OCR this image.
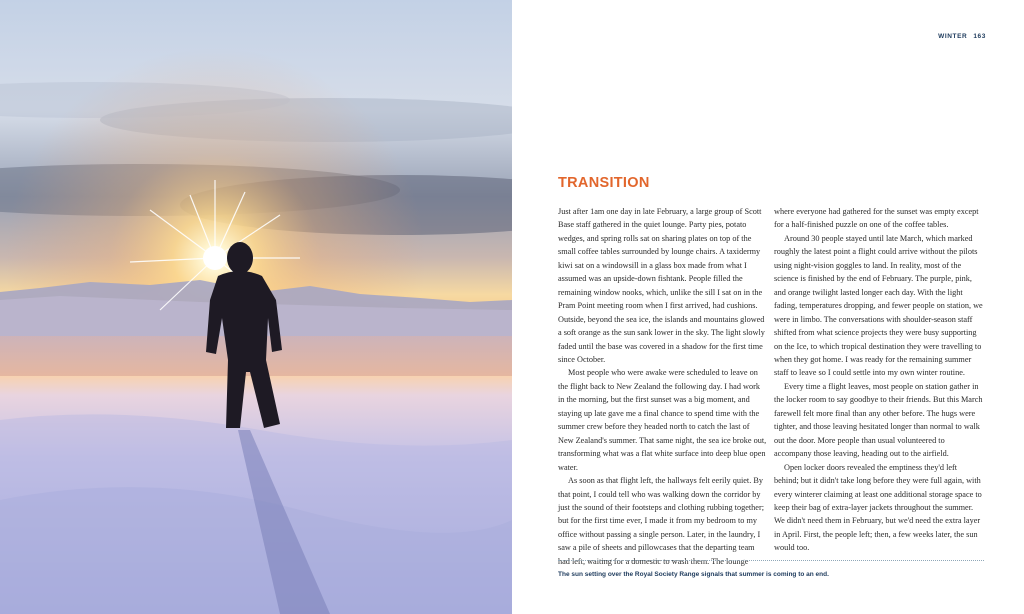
WINTER 163
TRANSITION

Just after 1am one day in late February, a large group of Scott Base staff gathered in the quiet lounge. Party pies, potato wedges, and spring rolls sat on sharing plates on top of the small coffee tables surrounded by lounge chairs. A taxidermy kiwi sat on a windowsill in a glass box made from what I assumed was an upside-down fishtank. People filled the remaining window nooks, which, unlike the sill I sat on in the Pram Point meeting room when I first arrived, had cushions. Outside, beyond the sea ice, the islands and mountains glowed a soft orange as the sun sank lower in the sky. The light slowly faded until the base was covered in a shadow for the first time since October.

Most people who were awake were scheduled to leave on the flight back to New Zealand the following day. I had work in the morning, but the first sunset was a big moment, and staying up late gave me a final chance to spend time with the summer crew before they headed north to catch the last of New Zealand's summer. That same night, the sea ice broke out, transforming what was a flat white surface into deep blue open water.

As soon as that flight left, the hallways felt eerily quiet. By that point, I could tell who was walking down the corridor by just the sound of their footsteps and clothing rubbing together; but for the first time ever, I made it from my bedroom to my office without passing a single person. Later, in the laundry, I saw a pile of sheets and pillowcases that the departing team had left, waiting for a domestic to wash them. The lounge

where everyone had gathered for the sunset was empty except for a half-finished puzzle on one of the coffee tables.

Around 30 people stayed until late March, which marked roughly the latest point a flight could arrive without the pilots using night-vision goggles to land. In reality, most of the science is finished by the end of February. The purple, pink, and orange twilight lasted longer each day. With the light fading, temperatures dropping, and fewer people on station, we were in limbo. The conversations with shoulder-season staff shifted from what science projects they were busy supporting on the Ice, to which tropical destination they were travelling to when they got home. I was ready for the remaining summer staff to leave so I could settle into my own winter routine.

Every time a flight leaves, most people on station gather in the locker room to say goodbye to their friends. But this March farewell felt more final than any other before. The hugs were tighter, and those leaving hesitated longer than normal to walk out the door. More people than usual volunteered to accompany those leaving, heading out to the airfield.

Open locker doors revealed the emptiness they'd left behind; but it didn't take long before they were full again, with every winterer claiming at least one additional storage space to keep their bag of extra-layer jackets throughout the summer. We didn't need them in February, but we'd need the extra layer in April. First, the people left; then, a few weeks later, the sun would too.

The sun setting over the Royal Society Range signals that summer is coming to an end.
